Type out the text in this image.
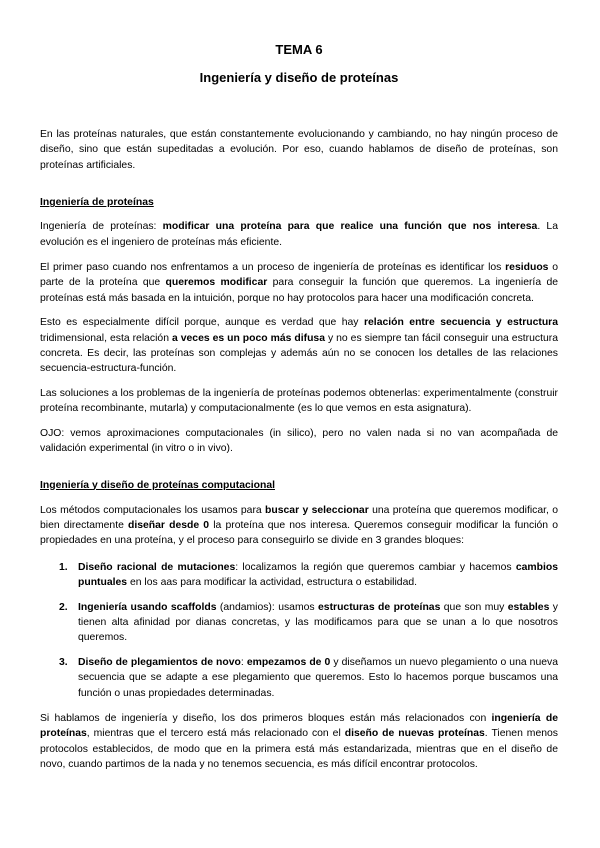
TEMA 6
Ingeniería y diseño de proteínas

En las proteínas naturales, que están constantemente evolucionando y cambiando, no hay ningún proceso de diseño, sino que están supeditadas a evolución. Por eso, cuando hablamos de diseño de proteínas, son proteínas artificiales.

Ingeniería de proteínas

Ingeniería de proteínas: modificar una proteína para que realice una función que nos interesa. La evolución es el ingeniero de proteínas más eficiente.

El primer paso cuando nos enfrentamos a un proceso de ingeniería de proteínas es identificar los residuos o parte de la proteína que queremos modificar para conseguir la función que queremos. La ingeniería de proteínas está más basada en la intuición, porque no hay protocolos para hacer una modificación concreta.

Esto es especialmente difícil porque, aunque es verdad que hay relación entre secuencia y estructura tridimensional, esta relación a veces es un poco más difusa y no es siempre tan fácil conseguir una estructura concreta. Es decir, las proteínas son complejas y además aún no se conocen los detalles de las relaciones secuencia-estructura-función.

Las soluciones a los problemas de la ingeniería de proteínas podemos obtenerlas: experimentalmente (construir proteína recombinante, mutarla) y computacionalmente (es lo que vemos en esta asignatura).

OJO: vemos aproximaciones computacionales (in silico), pero no valen nada si no van acompañada de validación experimental (in vitro o in vivo).

Ingeniería y diseño de proteínas computacional

Los métodos computacionales los usamos para buscar y seleccionar una proteína que queremos modificar, o bien directamente diseñar desde 0 la proteína que nos interesa. Queremos conseguir modificar la función o propiedades en una proteína, y el proceso para conseguirlo se divide en 3 grandes bloques:

1. Diseño racional de mutaciones: localizamos la región que queremos cambiar y hacemos cambios puntuales en los aas para modificar la actividad, estructura o estabilidad.
2. Ingeniería usando scaffolds (andamios): usamos estructuras de proteínas que son muy estables y tienen alta afinidad por dianas concretas, y las modificamos para que se unan a lo que nosotros queremos.
3. Diseño de plegamientos de novo: empezamos de 0 y diseñamos un nuevo plegamiento o una nueva secuencia que se adapte a ese plegamiento que queremos. Esto lo hacemos porque buscamos una función o unas propiedades determinadas.

Si hablamos de ingeniería y diseño, los dos primeros bloques están más relacionados con ingeniería de proteínas, mientras que el tercero está más relacionado con el diseño de nuevas proteínas. Tienen menos protocolos establecidos, de modo que en la primera está más estandarizada, mientras que en el diseño de novo, cuando partimos de la nada y no tenemos secuencia, es más difícil encontrar protocolos.
